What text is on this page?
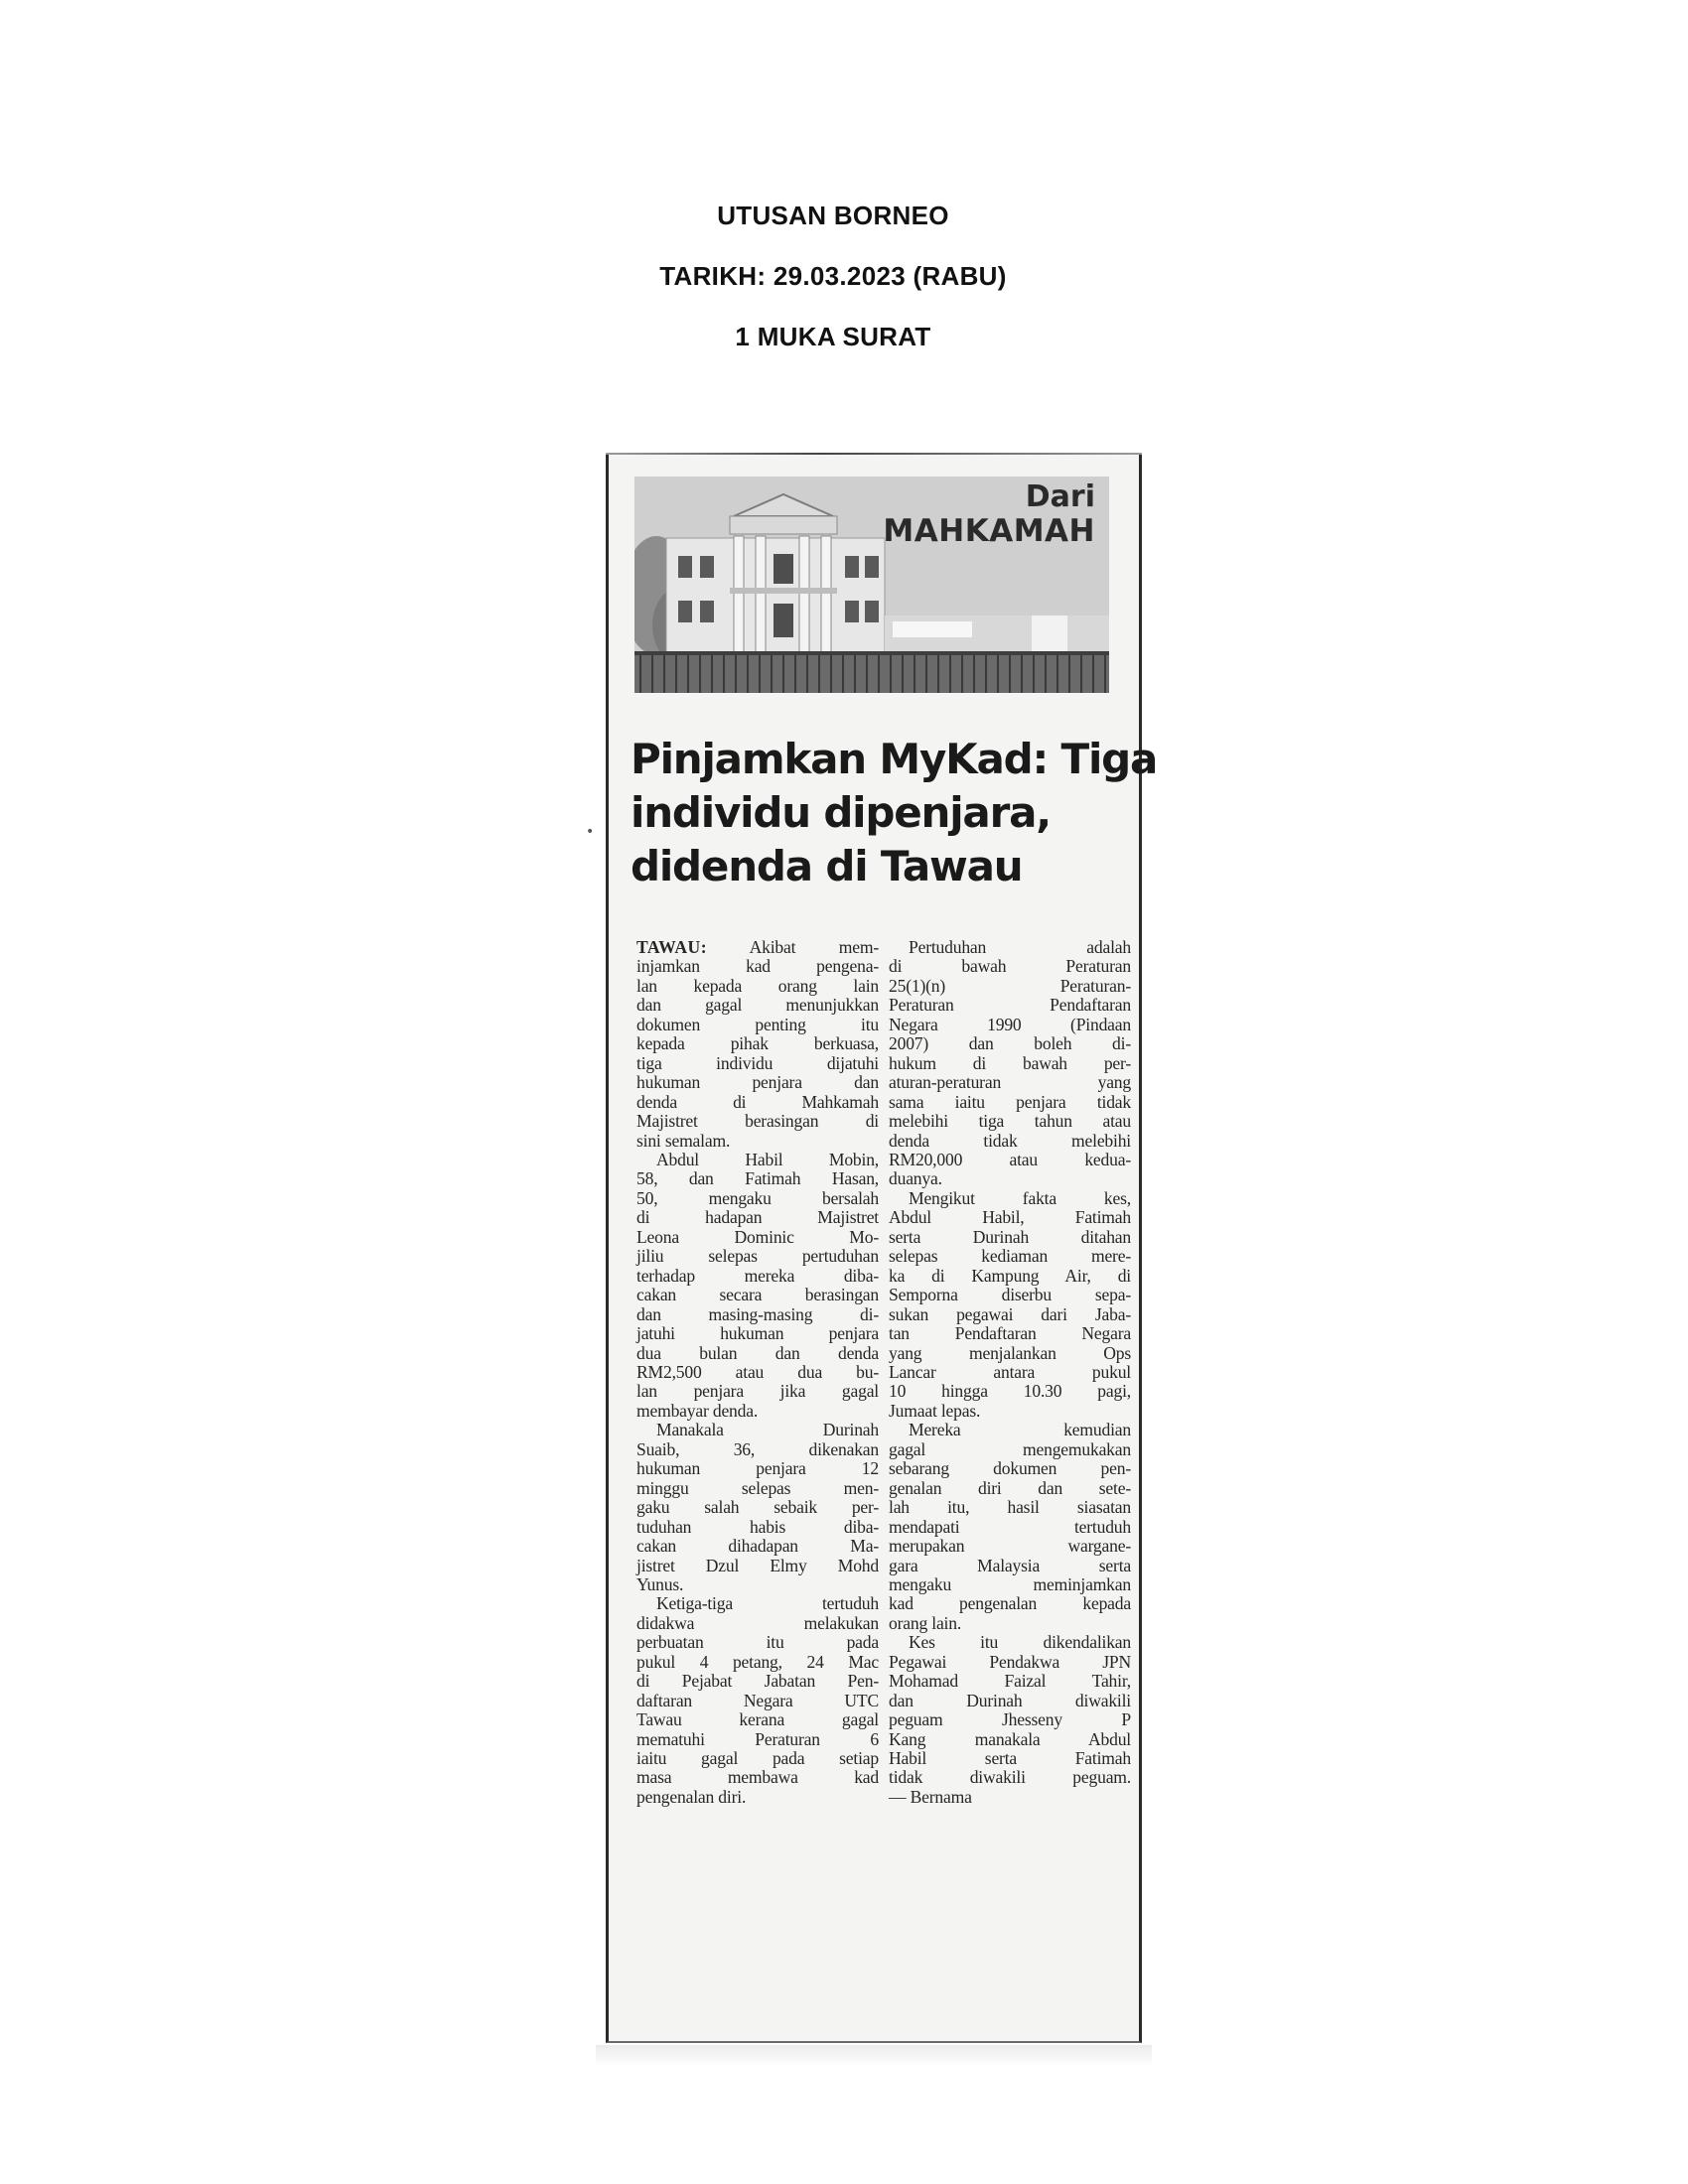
UTUSAN BORNEO
TARIKH: 29.03.2023 (RABU)
1 MUKA SURAT
Dari
MAHKAMAH
Pinjamkan MyKad: Tiga
individu dipenjara,
didenda di Tawau
TAWAU: Akibat mem-
injamkan kad pengena-
lan kepada orang lain
dan gagal menunjukkan
dokumen penting itu
kepada pihak berkuasa,
tiga individu dijatuhi
hukuman penjara dan
denda di Mahkamah
Majistret berasingan di
sini semalam.
Abdul Habil Mobin,
58, dan Fatimah Hasan,
50, mengaku bersalah
di hadapan Majistret
Leona Dominic Mo-
jiliu selepas pertuduhan
terhadap mereka diba-
cakan secara berasingan
dan masing-masing di-
jatuhi hukuman penjara
dua bulan dan denda
RM2,500 atau dua bu-
lan penjara jika gagal
membayar denda.
Manakala Durinah
Suaib, 36, dikenakan
hukuman penjara 12
minggu selepas men-
gaku salah sebaik per-
tuduhan habis diba-
cakan dihadapan Ma-
jistret Dzul Elmy Mohd
Yunus.
Ketiga-tiga tertuduh
didakwa melakukan
perbuatan itu pada
pukul 4 petang, 24 Mac
di Pejabat Jabatan Pen-
daftaran Negara UTC
Tawau kerana gagal
mematuhi Peraturan 6
iaitu gagal pada setiap
masa membawa kad
pengenalan diri.
Pertuduhan adalah
di bawah Peraturan
25(1)(n) Peraturan-
Peraturan Pendaftaran
Negara 1990 (Pindaan
2007) dan boleh di-
hukum di bawah per-
aturan-peraturan yang
sama iaitu penjara tidak
melebihi tiga tahun atau
denda tidak melebihi
RM20,000 atau kedua-
duanya.
Mengikut fakta kes,
Abdul Habil, Fatimah
serta Durinah ditahan
selepas kediaman mere-
ka di Kampung Air, di
Semporna diserbu sepa-
sukan pegawai dari Jaba-
tan Pendaftaran Negara
yang menjalankan Ops
Lancar antara pukul
10 hingga 10.30 pagi,
Jumaat lepas.
Mereka kemudian
gagal mengemukakan
sebarang dokumen pen-
genalan diri dan sete-
lah itu, hasil siasatan
mendapati tertuduh
merupakan wargane-
gara Malaysia serta
mengaku meminjamkan
kad pengenalan kepada
orang lain.
Kes itu dikendalikan
Pegawai Pendakwa JPN
Mohamad Faizal Tahir,
dan Durinah diwakili
peguam Jhesseny P
Kang manakala Abdul
Habil serta Fatimah
tidak diwakili peguam.
— Bernama
•
